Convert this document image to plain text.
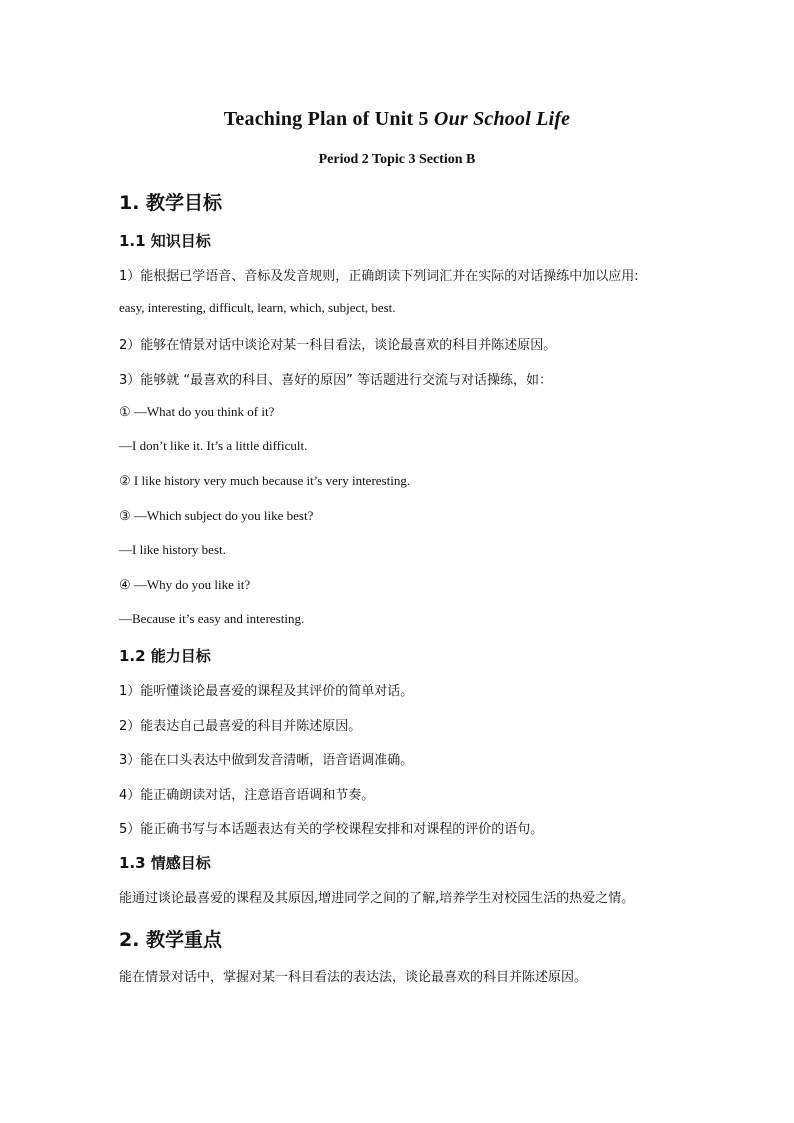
Teaching Plan of Unit 5 Our School Life
Period 2 Topic 3 Section B
1. 教学目标
1.1 知识目标
1）能根据已学语音、音标及发音规则，正确朗读下列词汇并在实际的对话操练中加以应用:
easy, interesting, difficult, learn, which, subject, best.
2）能够在情景对话中谈论对某一科目看法，谈论最喜欢的科目并陈述原因。
3）能够就 “最喜欢的科目、喜好的原因” 等话题进行交流与对话操练，如：
① —What do you think of it?
—I don’t like it. It’s a little difficult.
② I like history very much because it’s very interesting.
③ —Which subject do you like best?
—I like history best.
④ —Why do you like it?
—Because it’s easy and interesting.
1.2 能力目标
1）能听懂谈论最喜爱的课程及其评价的简单对话。
2）能表达自己最喜爱的科目并陈述原因。
3）能在口头表达中做到发音清晰，语音语调准确。
4）能正确朗读对话，注意语音语调和节奏。
5）能正确书写与本话题表达有关的学校课程安排和对课程的评价的语句。
1.3 情感目标
能通过谈论最喜爱的课程及其原因,增进同学之间的了解,培养学生对校园生活的热爱之情。
2. 教学重点
能在情景对话中，掌握对某一科目看法的表达法，谈论最喜欢的科目并陈述原因。
